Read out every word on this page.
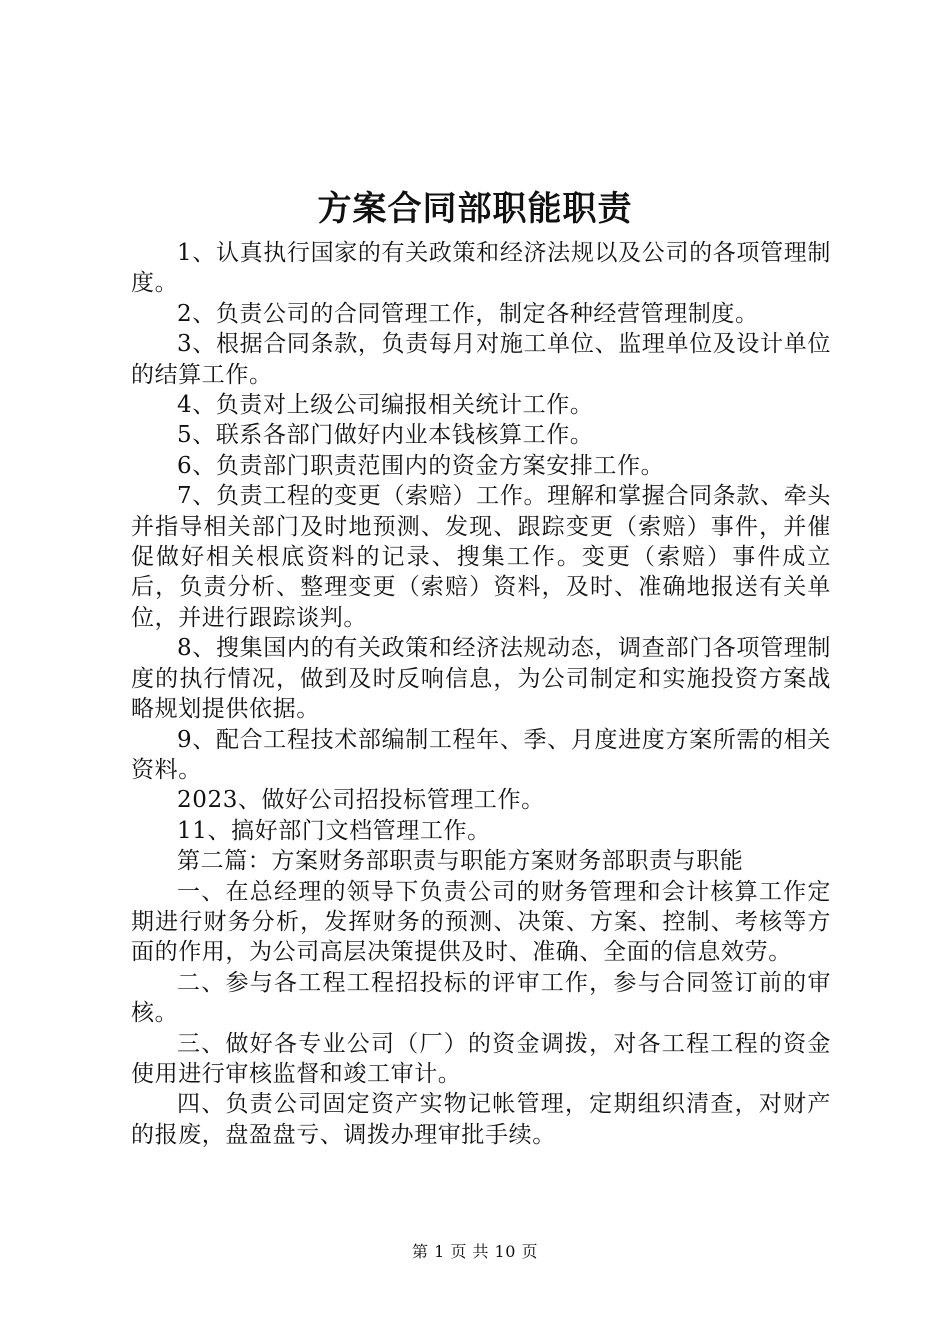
方案合同部职能职责

1、认真执行国家的有关政策和经济法规以及公司的各项管理制度。

2、负责公司的合同管理工作，制定各种经营管理制度。

3、根据合同条款，负责每月对施工单位、监理单位及设计单位的结算工作。

4、负责对上级公司编报相关统计工作。

5、联系各部门做好内业本钱核算工作。

6、负责部门职责范围内的资金方案安排工作。

7、负责工程的变更（索赔）工作。理解和掌握合同条款、牵头并指导相关部门及时地预测、发现、跟踪变更（索赔）事件，并催促做好相关根底资料的记录、搜集工作。变更（索赔）事件成立后，负责分析、整理变更（索赔）资料，及时、准确地报送有关单位，并进行跟踪谈判。

8、搜集国内的有关政策和经济法规动态，调查部门各项管理制度的执行情况，做到及时反响信息，为公司制定和实施投资方案战略规划提供依据。

9、配合工程技术部编制工程年、季、月度进度方案所需的相关资料。

2023、做好公司招投标管理工作。

11、搞好部门文档管理工作。

第二篇：方案财务部职责与职能方案财务部职责与职能

一、在总经理的领导下负责公司的财务管理和会计核算工作定期进行财务分析，发挥财务的预测、决策、方案、控制、考核等方面的作用，为公司高层决策提供及时、准确、全面的信息效劳。

二、参与各工程工程招投标的评审工作，参与合同签订前的审核。

三、做好各专业公司（厂）的资金调拨，对各工程工程的资金使用进行审核监督和竣工审计。

四、负责公司固定资产实物记帐管理，定期组织清查，对财产的报废，盘盈盘亏、调拨办理审批手续。

第 1 页 共 10 页
